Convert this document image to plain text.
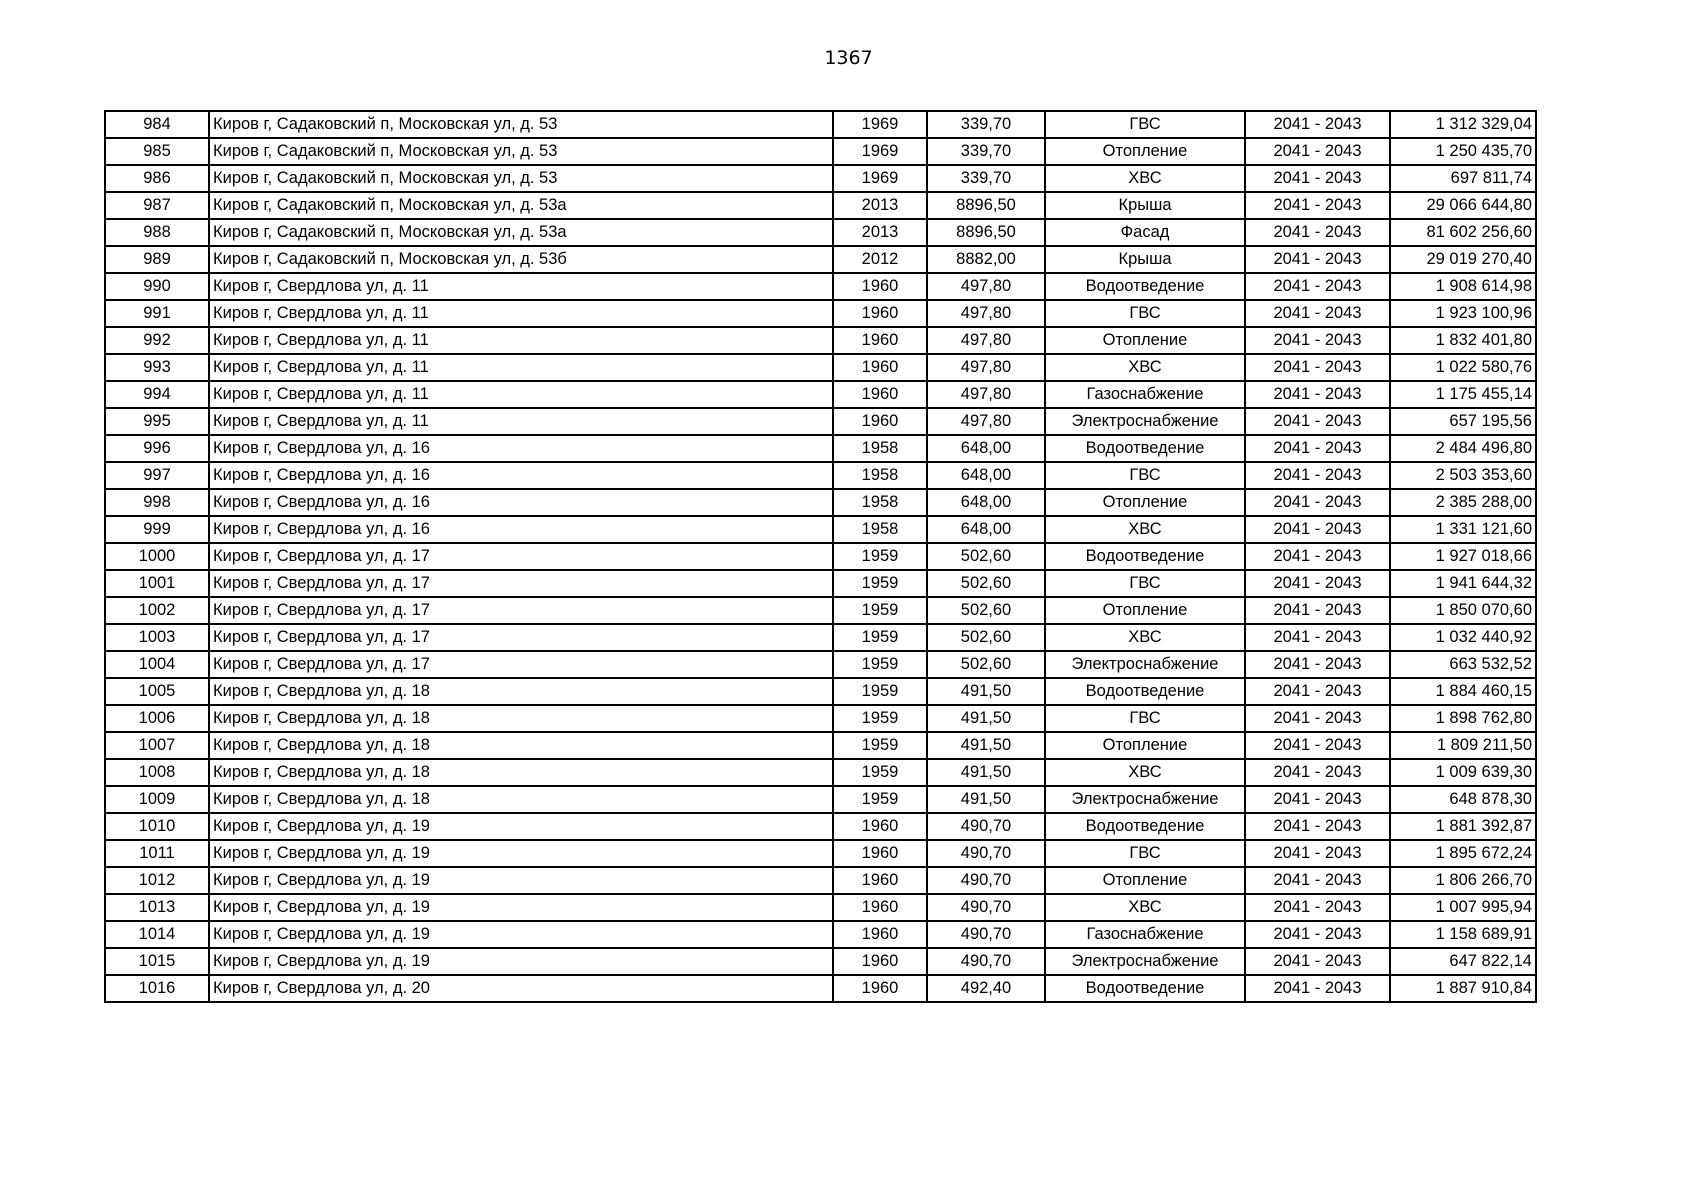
1367
984	Киров г, Садаковский п, Московская ул, д. 53	1969	339,70	ГВС	2041 - 2043	1 312 329,04
985	Киров г, Садаковский п, Московская ул, д. 53	1969	339,70	Отопление	2041 - 2043	1 250 435,70
986	Киров г, Садаковский п, Московская ул, д. 53	1969	339,70	ХВС	2041 - 2043	697 811,74
987	Киров г, Садаковский п, Московская ул, д. 53а	2013	8896,50	Крыша	2041 - 2043	29 066 644,80
988	Киров г, Садаковский п, Московская ул, д. 53а	2013	8896,50	Фасад	2041 - 2043	81 602 256,60
989	Киров г, Садаковский п, Московская ул, д. 53б	2012	8882,00	Крыша	2041 - 2043	29 019 270,40
990	Киров г, Свердлова ул, д. 11	1960	497,80	Водоотведение	2041 - 2043	1 908 614,98
991	Киров г, Свердлова ул, д. 11	1960	497,80	ГВС	2041 - 2043	1 923 100,96
992	Киров г, Свердлова ул, д. 11	1960	497,80	Отопление	2041 - 2043	1 832 401,80
993	Киров г, Свердлова ул, д. 11	1960	497,80	ХВС	2041 - 2043	1 022 580,76
994	Киров г, Свердлова ул, д. 11	1960	497,80	Газоснабжение	2041 - 2043	1 175 455,14
995	Киров г, Свердлова ул, д. 11	1960	497,80	Электроснабжение	2041 - 2043	657 195,56
996	Киров г, Свердлова ул, д. 16	1958	648,00	Водоотведение	2041 - 2043	2 484 496,80
997	Киров г, Свердлова ул, д. 16	1958	648,00	ГВС	2041 - 2043	2 503 353,60
998	Киров г, Свердлова ул, д. 16	1958	648,00	Отопление	2041 - 2043	2 385 288,00
999	Киров г, Свердлова ул, д. 16	1958	648,00	ХВС	2041 - 2043	1 331 121,60
1000	Киров г, Свердлова ул, д. 17	1959	502,60	Водоотведение	2041 - 2043	1 927 018,66
1001	Киров г, Свердлова ул, д. 17	1959	502,60	ГВС	2041 - 2043	1 941 644,32
1002	Киров г, Свердлова ул, д. 17	1959	502,60	Отопление	2041 - 2043	1 850 070,60
1003	Киров г, Свердлова ул, д. 17	1959	502,60	ХВС	2041 - 2043	1 032 440,92
1004	Киров г, Свердлова ул, д. 17	1959	502,60	Электроснабжение	2041 - 2043	663 532,52
1005	Киров г, Свердлова ул, д. 18	1959	491,50	Водоотведение	2041 - 2043	1 884 460,15
1006	Киров г, Свердлова ул, д. 18	1959	491,50	ГВС	2041 - 2043	1 898 762,80
1007	Киров г, Свердлова ул, д. 18	1959	491,50	Отопление	2041 - 2043	1 809 211,50
1008	Киров г, Свердлова ул, д. 18	1959	491,50	ХВС	2041 - 2043	1 009 639,30
1009	Киров г, Свердлова ул, д. 18	1959	491,50	Электроснабжение	2041 - 2043	648 878,30
1010	Киров г, Свердлова ул, д. 19	1960	490,70	Водоотведение	2041 - 2043	1 881 392,87
1011	Киров г, Свердлова ул, д. 19	1960	490,70	ГВС	2041 - 2043	1 895 672,24
1012	Киров г, Свердлова ул, д. 19	1960	490,70	Отопление	2041 - 2043	1 806 266,70
1013	Киров г, Свердлова ул, д. 19	1960	490,70	ХВС	2041 - 2043	1 007 995,94
1014	Киров г, Свердлова ул, д. 19	1960	490,70	Газоснабжение	2041 - 2043	1 158 689,91
1015	Киров г, Свердлова ул, д. 19	1960	490,70	Электроснабжение	2041 - 2043	647 822,14
1016	Киров г, Свердлова ул, д. 20	1960	492,40	Водоотведение	2041 - 2043	1 887 910,84
